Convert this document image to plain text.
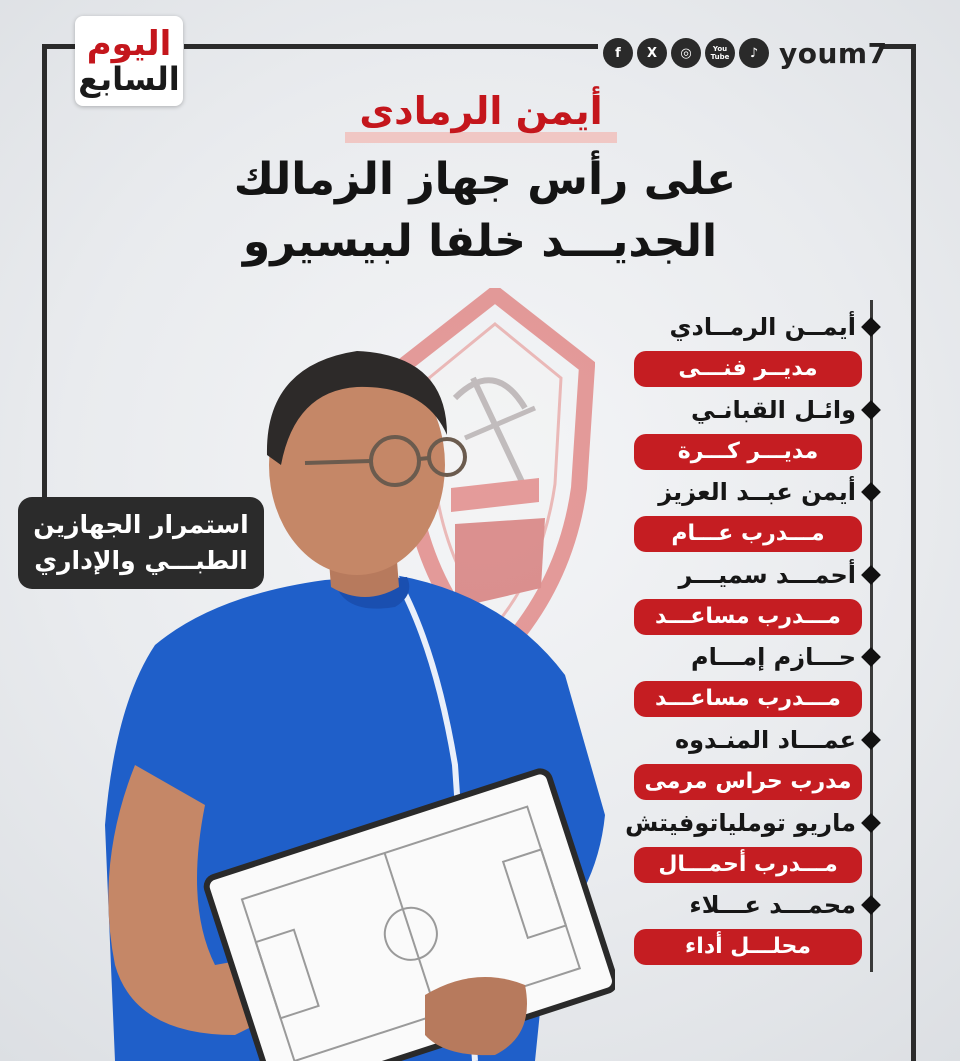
اليوم
السابع
f	X	◎	You Tube	♪ youm7
أيمن الرمادى
على رأس جهاز الزمالك
الجديـــد خلفا لبيسيرو
استمرار الجهازين
الطبـــي والإداري
أيمــن الرمــادي
مديــر فنـــى
وائـل القبانـي
مديـــر كـــرة
أيمن عبــد العزيز
مـــدرب عـــام
أحمـــد سميـــر
مـــدرب مساعـــد
حـــازم إمـــام
مـــدرب مساعـــد
عمـــاد المنـدوه
مدرب حراس مرمى
ماريو توملياتوفيتش
مـــدرب أحمـــال
محمـــد عـــلاء
محلـــل أداء
